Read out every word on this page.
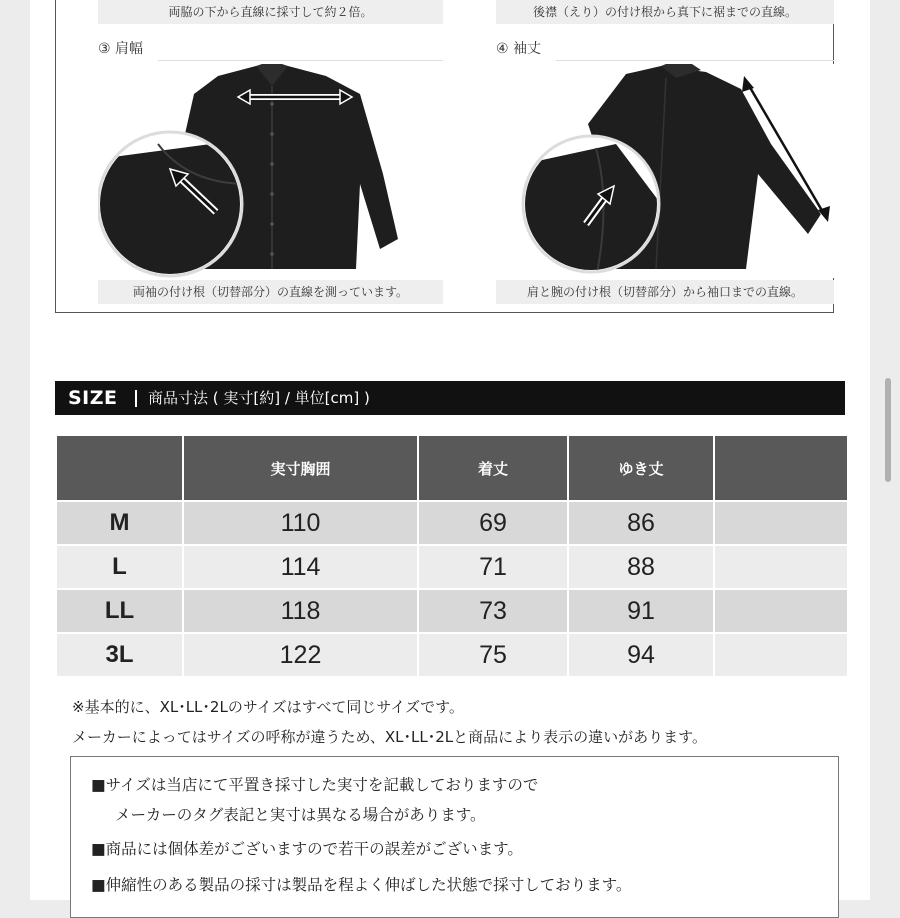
両脇の下から直線に採寸して約２倍。	後襟（えり）の付け根から真下に裾までの直線。
③ 肩幅
両袖の付け根（切替部分）の直線を測っています。
④ 袖丈
肩と腕の付け根（切替部分）から袖口までの直線。
SIZE 商品寸法 ( 実寸[約] / 単位[cm] )
	実寸胸囲	着丈	ゆき丈	
M	110	69	86	
L	114	71	88	
LL	118	73	91	
3L	122	75	94	
※基本的に、XL･LL･2Lのサイズはすべて同じサイズです。
メーカーによってはサイズの呼称が違うため、XL･LL･2Lと商品により表示の違いがあります。
■サイズは当店にて平置き採寸した実寸を記載しておりますので
メーカーのタグ表記と実寸は異なる場合があります。
■商品には個体差がございますので若干の誤差がございます。
■伸縮性のある製品の採寸は製品を程よく伸ばした状態で採寸しております。
